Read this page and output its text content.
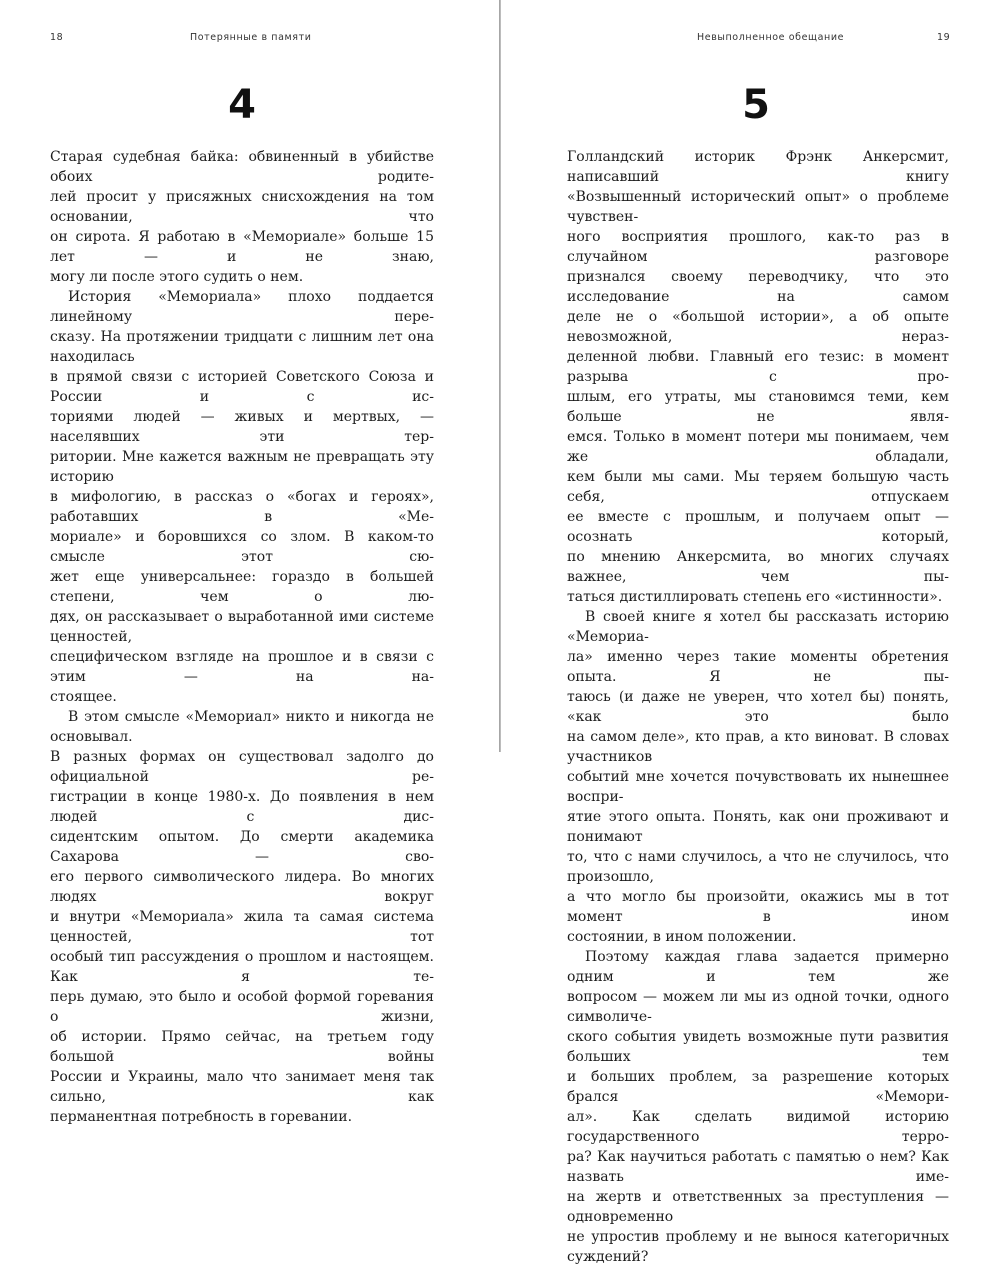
18	Потерянные в памяти
4
Старая судебная байка: обвиненный в убийстве обоих родите-
лей просит у присяжных снисхождения на том основании, что
он сирота. Я работаю в «Мемориале» больше 15 лет — и не знаю,
могу ли после этого судить о нем.
История «Мемориала» плохо поддается линейному пере-
сказу. На протяжении тридцати с лишним лет она находилась
в прямой связи с историей Советского Союза и России и с ис-
ториями людей — живых и мертвых, — населявших эти тер-
ритории. Мне кажется важным не превращать эту историю
в мифологию, в рассказ о «богах и героях», работавших в «Ме-
мориале» и боровшихся со злом. В каком-то смысле этот сю-
жет еще универсальнее: гораздо в большей степени, чем о лю-
дях, он рассказывает о выработанной ими системе ценностей,
специфическом взгляде на прошлое и в связи с этим — на на-
стоящее.
В этом смысле «Мемориал» никто и никогда не основывал.
В разных формах он существовал задолго до официальной ре-
гистрации в конце 1980-х. До появления в нем людей с дис-
сидентским опытом. До смерти академика Сахарова — сво-
его первого символического лидера. Во многих людях вокруг
и внутри «Мемориала» жила та самая система ценностей, тот
особый тип рассуждения о прошлом и настоящем. Как я те-
перь думаю, это было и особой формой горевания о жизни,
об истории. Прямо сейчас, на третьем году большой войны
России и Украины, мало что занимает меня так сильно, как
перманентная потребность в горевании.
Невыполненное обещание	19
5
Голландский историк Фрэнк Анкерсмит, написавший книгу
«Возвышенный исторический опыт» о проблеме чувствен-
ного восприятия прошлого, как-то раз в случайном разговоре
признался своему переводчику, что это исследование на самом
деле не о «большой истории», а об опыте невозможной, нераз-
деленной любви. Главный его тезис: в момент разрыва с про-
шлым, его утраты, мы становимся теми, кем больше не явля-
емся. Только в момент потери мы понимаем, чем же обладали,
кем были мы сами. Мы теряем большую часть себя, отпускаем
ее вместе с прошлым, и получаем опыт — осознать который,
по мнению Анкерсмита, во многих случаях важнее, чем пы-
таться дистиллировать степень его «истинности».
В своей книге я хотел бы рассказать историю «Мемориа-
ла» именно через такие моменты обретения опыта. Я не пы-
таюсь (и даже не уверен, что хотел бы) понять, «как это было
на самом деле», кто прав, а кто виноват. В словах участников
событий мне хочется почувствовать их нынешнее воспри-
ятие этого опыта. Понять, как они проживают и понимают
то, что с нами случилось, а что не случилось, что произошло,
а что могло бы произойти, окажись мы в тот момент в ином
состоянии, в ином положении.
Поэтому каждая глава задается примерно одним и тем же
вопросом — можем ли мы из одной точки, одного символиче-
ского события увидеть возможные пути развития больших тем
и больших проблем, за разрешение которых брался «Мемори-
ал». Как сделать видимой историю государственного терро-
ра? Как научиться работать с памятью о нем? Как назвать име-
на жертв и ответственных за преступления — одновременно
не упростив проблему и не вынося категоричных суждений?
